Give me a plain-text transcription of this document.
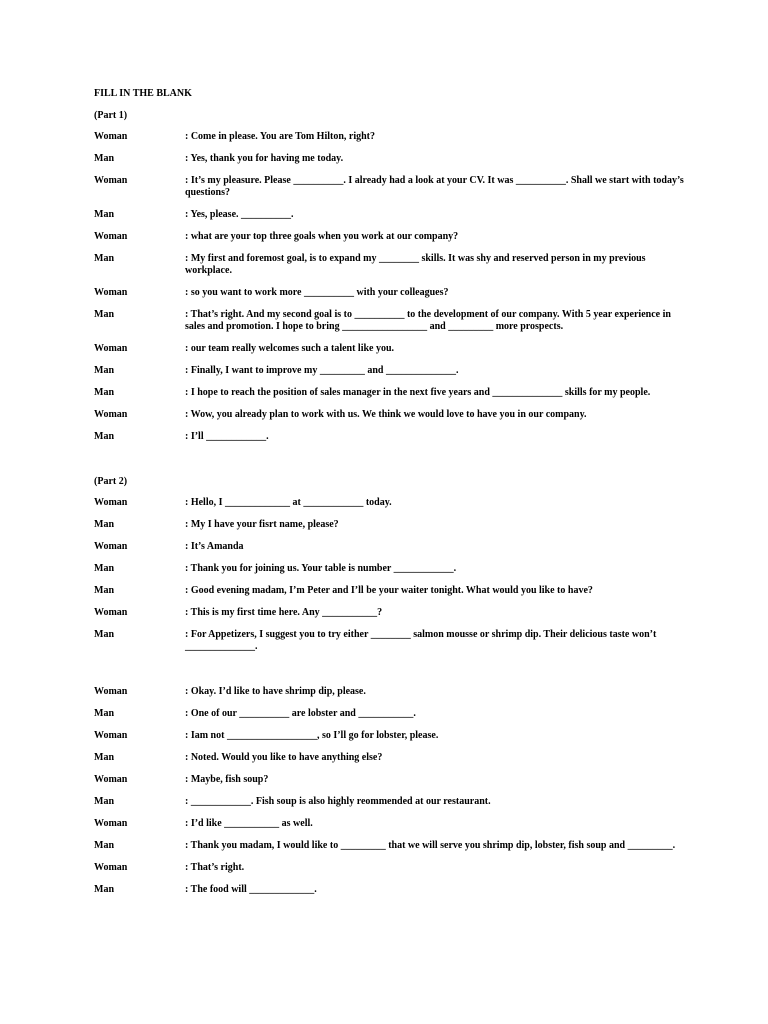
FILL IN THE BLANK
(Part 1)
Woman	: Come in please. You are Tom Hilton, right?
Man	: Yes, thank you for having me today.
Woman	: It’s my pleasure. Please __________. I already had a look at your CV. It was __________. Shall we start with today’s questions?
Man	: Yes, please. __________.
Woman	: what are your top three goals when you work at our company?
Man	: My first and foremost goal, is to expand my ________ skills. It was shy and reserved person in my previous workplace.
Woman	: so you want to work more __________ with your colleagues?
Man	: That’s right. And my second goal is to __________ to the development of our company. With 5 year experience in sales and promotion. I hope to bring _________________ and _________ more prospects.
Woman	: our team really welcomes such a talent like you.
Man	: Finally, I want to improve my _________ and ______________.
Man	: I hope to reach the position of sales manager in the next five years and ______________ skills for my people.
Woman	: Wow, you already plan to work with us. We think we would love to have you in our company.
Man	: I’ll ____________.
(Part 2)
Woman	: Hello, I _____________ at ____________ today.
Man	: My I have your fisrt name, please?
Woman	: It’s Amanda
Man	: Thank you for joining us. Your table is number ____________.
Man	: Good evening madam, I’m Peter and I’ll be your waiter tonight. What would you like to have?
Woman	: This is my first time here. Any ___________?
Man	: For Appetizers, I suggest you to try either ________ salmon mousse or shrimp dip. Their delicious taste won’t ______________.
Woman	: Okay. I’d like to have shrimp dip, please.
Man	: One of our __________ are lobster and ___________.
Woman	: Iam not __________________, so I’ll go for lobster, please.
Man	: Noted. Would you like to have anything else?
Woman	: Maybe, fish soup?
Man	: ____________. Fish soup is also highly reommended at our restaurant.
Woman	: I’d like ___________ as well.
Man	: Thank you madam, I would like to _________ that we will serve you shrimp dip, lobster, fish soup and _________.
Woman	: That’s right.
Man	: The food will _____________.
